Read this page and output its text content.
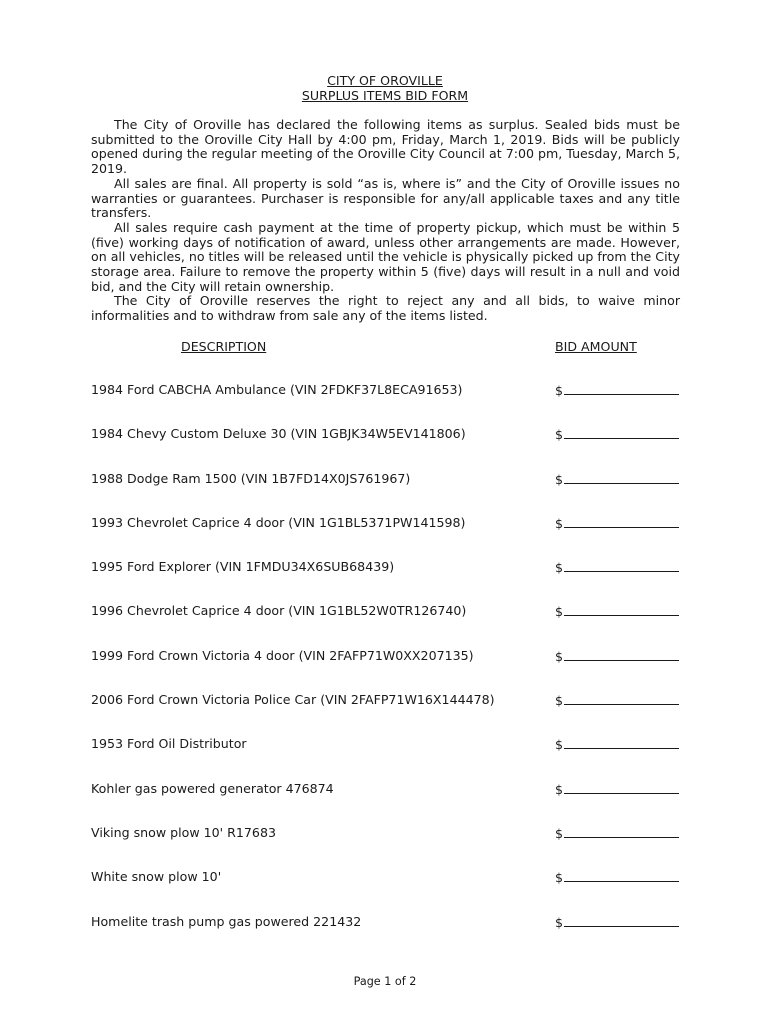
CITY OF OROVILLE
SURPLUS ITEMS BID FORM

The City of Oroville has declared the following items as surplus. Sealed bids must be submitted to the Oroville City Hall by 4:00 pm, Friday, March 1, 2019. Bids will be publicly opened during the regular meeting of the Oroville City Council at 7:00 pm, Tuesday, March 5, 2019.

All sales are final. All property is sold “as is, where is” and the City of Oroville issues no warranties or guarantees. Purchaser is responsible for any/all applicable taxes and any title transfers.

All sales require cash payment at the time of property pickup, which must be within 5 (five) working days of notification of award, unless other arrangements are made. However, on all vehicles, no titles will be released until the vehicle is physically picked up from the City storage area. Failure to remove the property within 5 (five) days will result in a null and void bid, and the City will retain ownership.

The City of Oroville reserves the right to reject any and all bids, to waive minor informalities and to withdraw from sale any of the items listed.

DESCRIPTION	BID AMOUNT
1984 Ford CABCHA Ambulance (VIN 2FDKF37L8ECA91653)	$
1984 Chevy Custom Deluxe 30 (VIN 1GBJK34W5EV141806)	$
1988 Dodge Ram 1500 (VIN 1B7FD14X0JS761967)	$
1993 Chevrolet Caprice 4 door (VIN 1G1BL5371PW141598)	$
1995 Ford Explorer (VIN 1FMDU34X6SUB68439)	$
1996 Chevrolet Caprice 4 door (VIN 1G1BL52W0TR126740)	$
1999 Ford Crown Victoria 4 door (VIN 2FAFP71W0XX207135)	$
2006 Ford Crown Victoria Police Car (VIN 2FAFP71W16X144478)	$
1953 Ford Oil Distributor	$
Kohler gas powered generator 476874	$
Viking snow plow 10' R17683	$
White snow plow 10'	$
Homelite trash pump gas powered 221432	$
Page 1 of 2
